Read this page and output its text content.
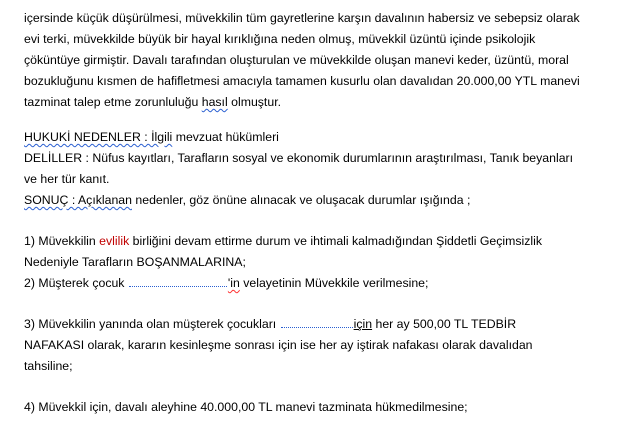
içersinde küçük düşürülmesi, müvekkilin tüm gayretlerine karşın davalının habersiz ve sebepsiz olarak
evi terki, müvekkilde büyük bir hayal kırıklığına neden olmuş, müvekkil üzüntü içinde psikolojik
çöküntüye girmiştir. Davalı tarafından oluşturulan ve müvekkilde oluşan manevi keder, üzüntü, moral
bozukluğunu kısmen de hafifletmesi amacıyla tamamen kusurlu olan davalıdan 20.000,00 YTL manevi
tazminat talep etme zorunluluğu hasıl olmuştur.
HUKUKİ NEDENLER : İlgili mevzuat hükümleri
DELİLLER : Nüfus kayıtları, Tarafların sosyal ve ekonomik durumlarının araştırılması, Tanık beyanları
ve her tür kanıt.
SONUÇ : Açıklanan nedenler, göz önüne alınacak ve oluşacak durumlar ışığında ;
1) Müvekkilin evlilik birliğini devam ettirme durum ve ihtimali kalmadığından Şiddetli Geçimsizlik
Nedeniyle Tarafların BOŞANMALARINA;
2) Müşterek çocuk	'in velayetinin Müvekkile verilmesine;
3) Müvekkilin yanında olan müşterek çocukları	için her ay 500,00 TL TEDBİR
NAFAKASI olarak, kararın kesinleşme sonrası için ise her ay iştirak nafakası olarak davalıdan
tahsiline;
4) Müvekkil için, davalı aleyhine 40.000,00 TL manevi tazminata hükmedilmesine;
